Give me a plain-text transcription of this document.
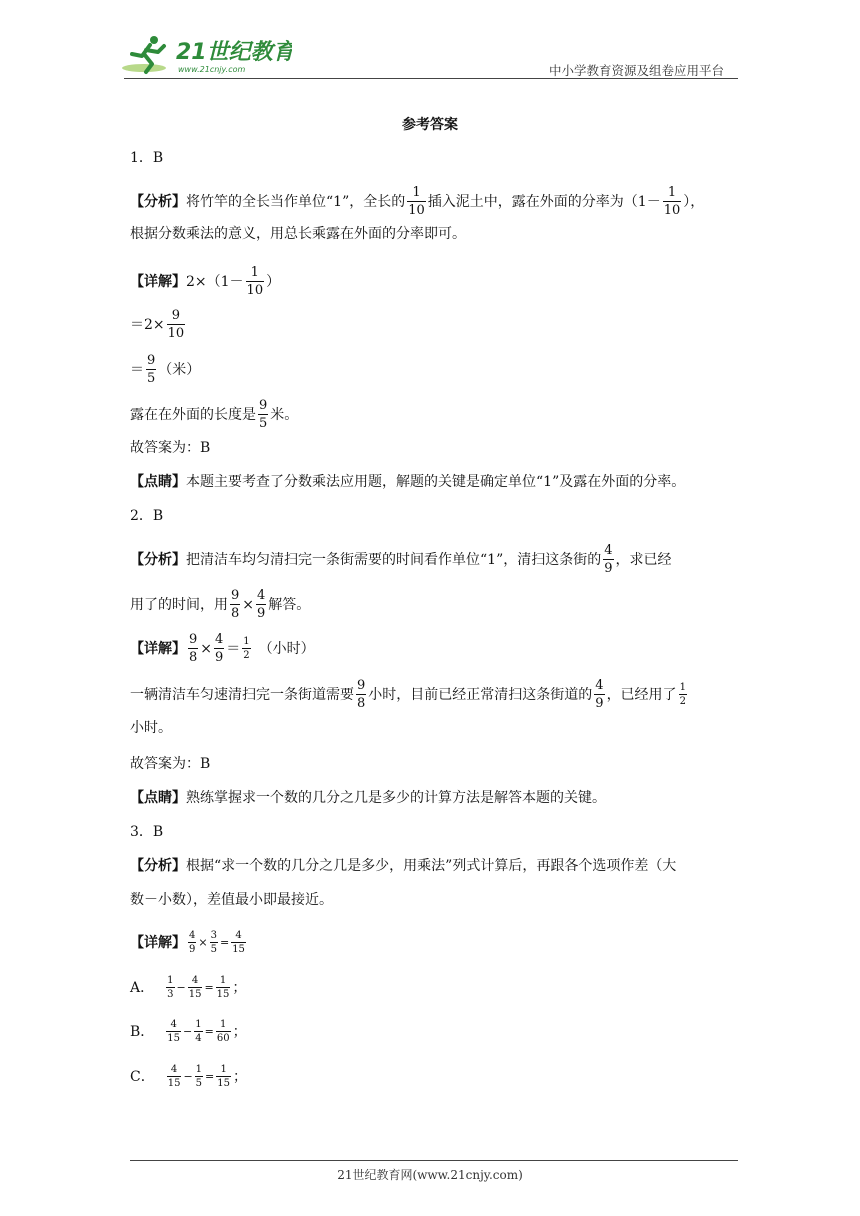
21世纪教育
www.21cnjy.com	中小学教育资源及组卷应用平台
参考答案
1．B
【分析】 将竹竿的全长当作单位“1”，全长的 $\frac{1}{10}$ 插入泥土中，露在外面的分率为（$1- \frac{1}{10}$ ），
根据分数乘法的意义，用总长乘露在外面的分率即可。
【详解】 $2\times(1- \frac{1}{10}$ ）
$=2\times \frac{9}{10}$
＝ $\frac{9}{5}$ （米）
露在在外面的长度是 $\frac{9}{5}$ 米。
故答案为：B
【点睛】 本题主要考查了分数乘法应用题，解题的关键是确定单位“1”及露在外面的分率。
2．B
【分析】 把清洁车均匀清扫完一条街需要的时间看作单位“1”，清扫这条街的 $\frac{4}{9}$ ，求已经
用了的时间，用 $\frac{9}{8} \times \frac{4}{9}$ 解答。
【详解】 $\frac{9}{8} \times \frac{4}{9} = \frac{1}{2}$ （小时）
一辆清洁车匀速清扫完一条街道需要 $\frac{9}{8}$ 小时，目前已经正常清扫这条街道的 $\frac{4}{9}$ ，已经用了 $\frac{1}{2}$
小时。
故答案为：B
【点睛】 熟练掌握求一个数的几分之几是多少的计算方法是解答本题的关键。
3．B
【分析】 根据“求一个数的几分之几是多少，用乘法”列式计算后，再跟各个选项作差（大
数－小数），差值最小即最接近。
【详解】 $\frac{4}{9} \times \frac{3}{5} = \frac{4}{15}$
A． $\frac{1}{3} - \frac{4}{15} = \frac{1}{15}$ ；
B． $\frac{4}{15} - \frac{1}{4} = \frac{1}{60}$ ；
C． $\frac{4}{15} - \frac{1}{5} = \frac{1}{15}$ ；
21世纪教育网(www.21cnjy.com)
